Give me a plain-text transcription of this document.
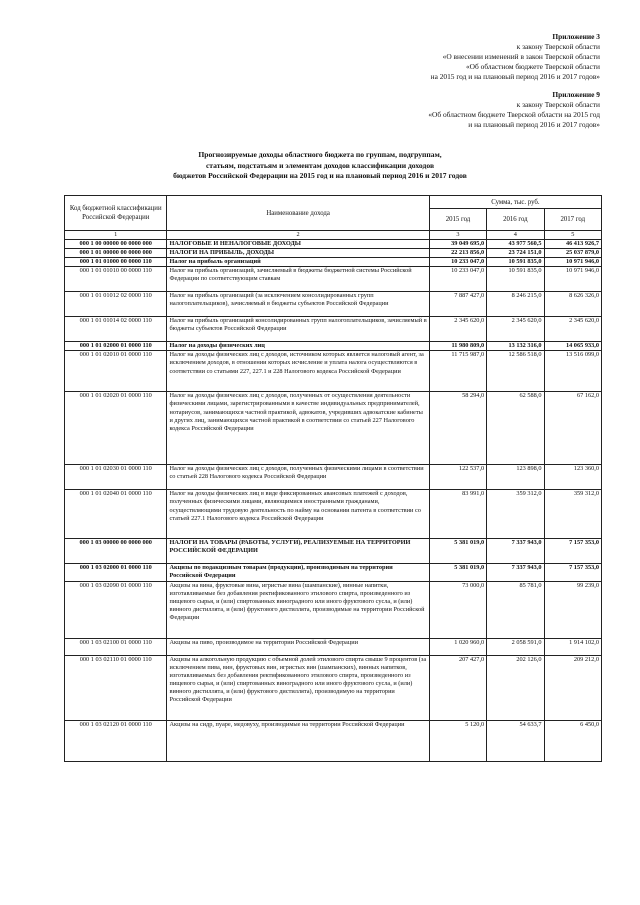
Приложение 3
к закону Тверской области
«О внесении изменений в закон Тверской области
«Об областном бюджете Тверской области
на 2015 год и на плановый период 2016 и 2017 годов»
Приложение 9
к закону Тверской области
«Об областном бюджете Тверской области на 2015 год
и на плановый период 2016 и 2017 годов»
Прогнозируемые доходы областного бюджета по группам, подгруппам,
статьям, подстатьям и элементам доходов классификации доходов
бюджетов Российской Федерации на 2015 год и на плановый период 2016 и 2017 годов
Код бюджетной классификации Российской Федерации	Наименование дохода	Сумма, тыс. руб.		
		2015 год	2016 год	2017 год
1	2	3	4	5
000 1 00 00000 00 0000 000	НАЛОГОВЫЕ И НЕНАЛОГОВЫЕ ДОХОДЫ	39 049 695,0	43 977 560,5	46 413 926,7
000 1 01 00000 00 0000 000	НАЛОГИ НА ПРИБЫЛЬ, ДОХОДЫ	22 213 856,0	23 724 151,0	25 037 879,0
000 1 01 01000 00 0000 110	Налог на прибыль организаций	10 233 047,0	10 591 835,0	10 971 946,0
000 1 01 01010 00 0000 110	Налог на прибыль организаций, зачисляемый в бюджеты бюджетной системы Российской Федерации по соответствующим ставкам	10 233 047,0	10 591 835,0	10 971 946,0
000 1 01 01012 02 0000 110	Налог на прибыль организаций (за исключением консолидированных групп налогоплательщиков), зачисляемый в бюджеты субъектов Российской Федерации	7 887 427,0	8 246 215,0	8 626 326,0
000 1 01 01014 02 0000 110	Налог на прибыль организаций консолидированных групп налогоплательщиков, зачисляемый в бюджеты субъектов Российской Федерации	2 345 620,0	2 345 620,0	2 345 620,0
000 1 01 02000 01 0000 110	Налог на доходы физических лиц	11 980 809,0	13 132 316,0	14 065 933,0
000 1 01 02010 01 0000 110	Налог на доходы физических лиц с доходов, источником которых является налоговый агент, за исключением доходов, в отношении которых исчисление и уплата налога осуществляются в соответствии со статьями 227, 227.1 и 228 Налогового кодекса Российской Федерации	11 715 987,0	12 586 518,0	13 516 099,0
000 1 01 02020 01 0000 110	Налог на доходы физических лиц с доходов, полученных от осуществления деятельности физическими лицами, зарегистрированными в качестве индивидуальных предпринимателей, нотариусов, занимающихся частной практикой, адвокатов, учредивших адвокатские кабинеты и других лиц, занимающихся частной практикой в соответствии со статьей 227 Налогового кодекса Российской Федерации	58 294,0	62 588,0	67 162,0
000 1 01 02030 01 0000 110	Налог на доходы физических лиц с доходов, полученных физическими лицами в соответствии со статьей 228 Налогового кодекса Российской Федерации	122 537,0	123 898,0	123 360,0
000 1 01 02040 01 0000 110	Налог на доходы физических лиц в виде фиксированных авансовых платежей с доходов, полученных физическими лицами, являющимися иностранными гражданами, осуществляющими трудовую деятельность по найму на основании патента в соответствии со статьей 227.1 Налогового кодекса Российской Федерации	83 991,0	359 312,0	359 312,0
000 1 03 00000 00 0000 000	НАЛОГИ НА ТОВАРЫ (РАБОТЫ, УСЛУГИ), РЕАЛИЗУЕМЫЕ НА ТЕРРИТОРИИ РОССИЙСКОЙ ФЕДЕРАЦИИ	5 381 019,0	7 337 943,0	7 157 353,0
000 1 03 02000 01 0000 110	Акцизы по подакцизным товарам (продукции), производимым на территории Российской Федерации	5 381 019,0	7 337 943,0	7 157 353,0
000 1 03 02090 01 0000 110	Акцизы на вина, фруктовые вина, игристые вина (шампанские), винные напитки, изготавливаемые без добавления ректификованного этилового спирта, произведенного из пищевого сырья, и (или) спиртованных виноградного или иного фруктового сусла, и (или) винного дистиллята, и (или) фруктового дистиллята, производимые на территории Российской Федерации	73 000,0	85 781,0	99 239,0
000 1 03 02100 01 0000 110	Акцизы на пиво, производимое на территории Российской Федерации	1 020 960,0	2 058 591,0	1 914 102,0
000 1 03 02110 01 0000 110	Акцизы на алкогольную продукцию с объемной долей этилового спирта свыше 9 процентов (за исключением пива, вин, фруктовых вин, игристых вин (шампанских), винных напитков, изготавливаемых без добавления ректификованного этилового спирта, произведенного из пищевого сырья, и (или) спиртованных виноградного или иного фруктового сусла, и (или) винного дистиллята, и (или) фруктового дистиллята), производимую на территории Российской Федерации	207 427,0	202 126,0	209 212,0
000 1 03 02120 01 0000 110	Акцизы на сидр, пуаре, медовуху, производимые на территории Российской Федерации	5 120,0	54 633,7	6 450,0
